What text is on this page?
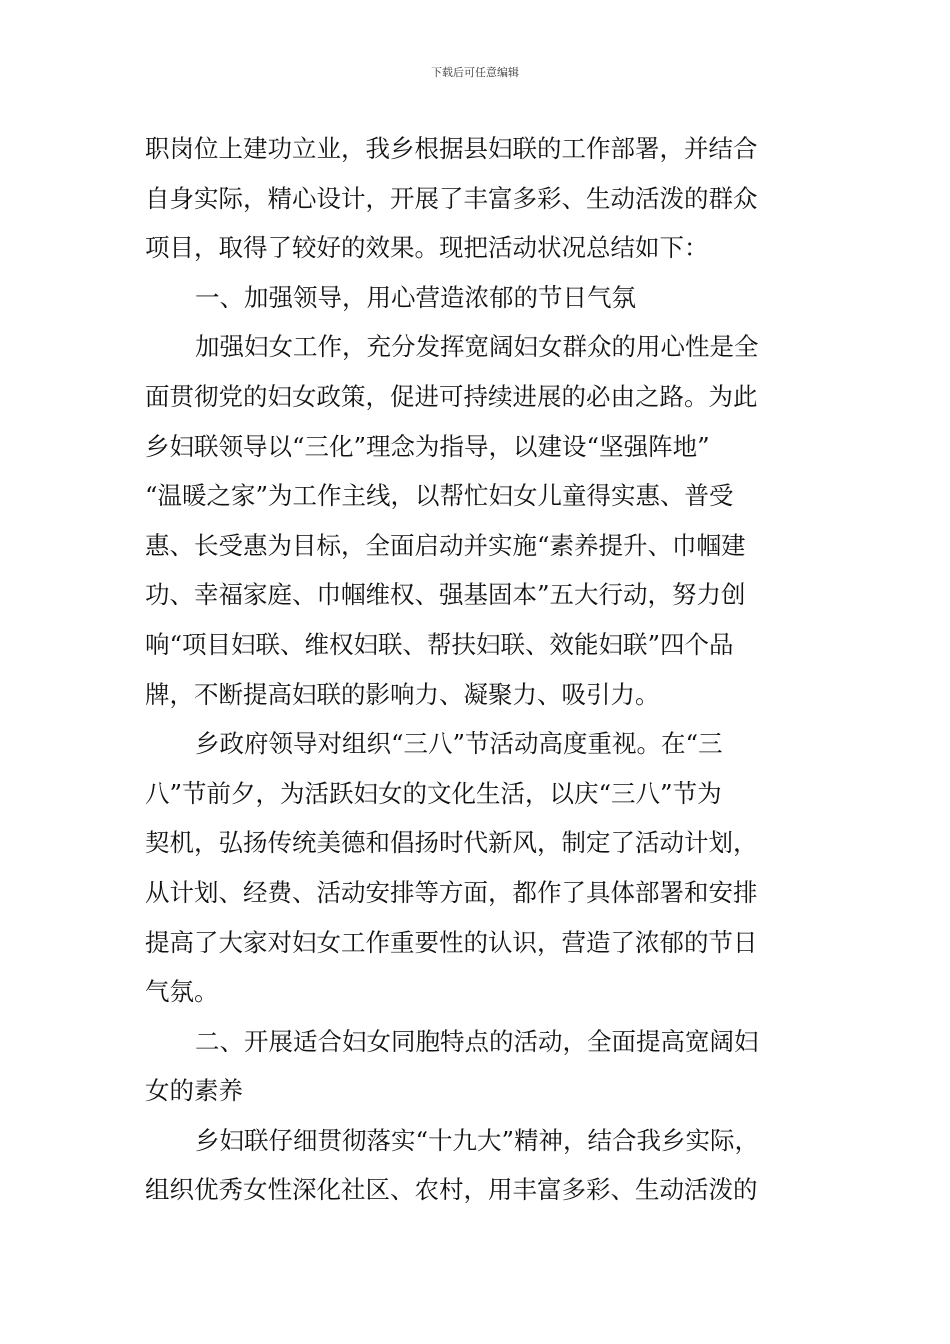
下载后可任意编辑
职岗位上建功立业，我乡根据县妇联的工作部署，并结合
自身实际，精心设计，开展了丰富多彩、生动活泼的群众
项目，取得了较好的效果。现把活动状况总结如下：
一、加强领导，用心营造浓郁的节日气氛
加强妇女工作，充分发挥宽阔妇女群众的用心性是全
面贯彻党的妇女政策，促进可持续进展的必由之路。为此
乡妇联领导以“三化”理念为指导，以建设“坚强阵地”
“温暖之家”为工作主线，以帮忙妇女儿童得实惠、普受
惠、长受惠为目标，全面启动并实施“素养提升、巾帼建
功、幸福家庭、巾帼维权、强基固本”五大行动，努力创
响“项目妇联、维权妇联、帮扶妇联、效能妇联”四个品
牌，不断提高妇联的影响力、凝聚力、吸引力。
乡政府领导对组织“三八”节活动高度重视。在“三
八”节前夕，为活跃妇女的文化生活，以庆“三八”节为
契机，弘扬传统美德和倡扬时代新风，制定了活动计划，
从计划、经费、活动安排等方面，都作了具体部署和安排
提高了大家对妇女工作重要性的认识，营造了浓郁的节日
气氛。
二、开展适合妇女同胞特点的活动，全面提高宽阔妇
女的素养
乡妇联仔细贯彻落实“十九大”精神，结合我乡实际，
组织优秀女性深化社区、农村，用丰富多彩、生动活泼的
